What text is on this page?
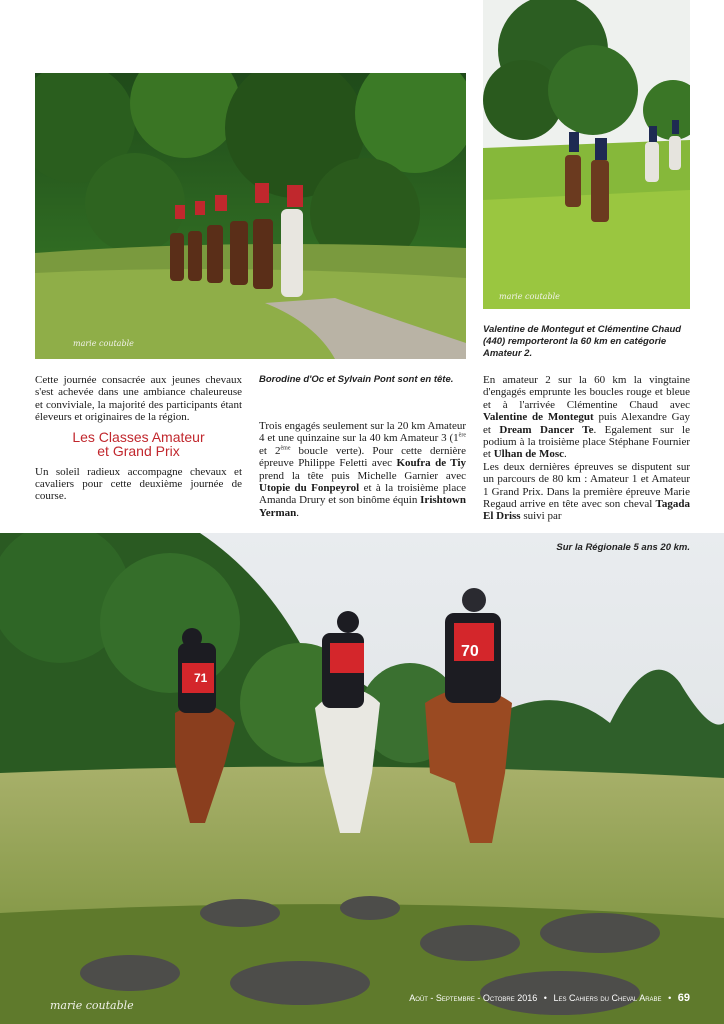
marie coutable
marie coutable
Valentine de Montegut et Clémentine Chaud (440) remporteront la 60 km en catégorie Amateur 2.
Cette journée consacrée aux jeunes chevaux s'est achevée dans une ambiance chaleureuse et conviviale, la majorité des participants étant éleveurs et originaires de la région.
Les Classes Amateur
et Grand Prix
Un soleil radieux accompagne chevaux et cavaliers pour cette deuxième journée de course.
Borodine d'Oc et Sylvain Pont sont en tête.
Trois engagés seulement sur la 20 km Amateur 4 et une quinzaine sur la 40 km Amateur 3 (1ère et 2ème boucle verte). Pour cette dernière épreuve Philippe Feletti avec Koufra de Tiy prend la tête puis Michelle Garnier avec Utopie du Fonpeyrol et à la troisième place Amanda Drury et son binôme équin Irishtown Yerman.
En amateur 2 sur la 60 km la vingtaine d'engagés emprunte les boucles rouge et bleue et à l'arrivée Clémentine Chaud avec Valentine de Montegut puis Alexandre Gay et Dream Dancer Te. Egalement sur le podium à la troisième place Stéphane Fournier et Ulhan de Mosc.
Les deux dernières épreuves se disputent sur un parcours de 80 km : Amateur 1 et Amateur 1 Grand Prix. Dans la première épreuve Marie Regaud arrive en tête avec son cheval Tagada El Driss suivi par
71
70
Sur la Régionale 5 ans 20 km.
marie coutable
Août - Septembre - Octobre 2016 • Les Cahiers du Cheval Arabe • 69
